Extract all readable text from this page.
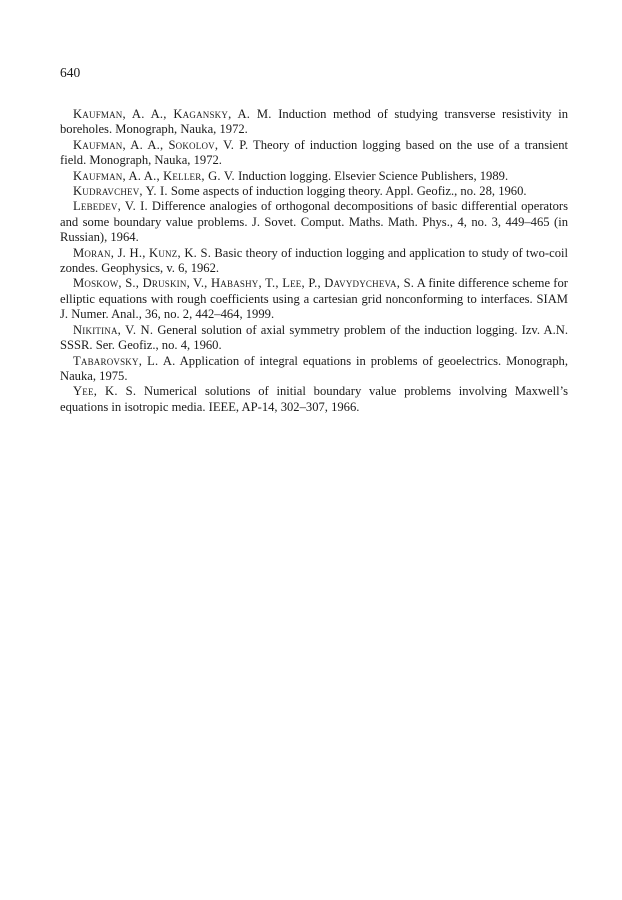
640

Kaufman, A. A., Kagansky, A. M. Induction method of studying transverse resistivity in boreholes. Monograph, Nauka, 1972.

Kaufman, A. A., Sokolov, V. P. Theory of induction logging based on the use of a transient field. Monograph, Nauka, 1972.

Kaufman, A. A., Keller, G. V. Induction logging. Elsevier Science Publishers, 1989.

Kudravchev, Y. I. Some aspects of induction logging theory. Appl. Geofiz., no. 28, 1960.

Lebedev, V. I. Difference analogies of orthogonal decompositions of basic differential operators and some boundary value problems. J. Sovet. Comput. Maths. Math. Phys., 4, no. 3, 449–465 (in Russian), 1964.

Moran, J. H., Kunz, K. S. Basic theory of induction logging and application to study of two-coil zondes. Geophysics, v. 6, 1962.

Moskow, S., Druskin, V., Habashy, T., Lee, P., Davydycheva, S. A finite difference scheme for elliptic equations with rough coefficients using a cartesian grid nonconforming to interfaces. SIAM J. Numer. Anal., 36, no. 2, 442–464, 1999.

Nikitina, V. N. General solution of axial symmetry problem of the induction logging. Izv. A.N. SSSR. Ser. Geofiz., no. 4, 1960.

Tabarovsky, L. A. Application of integral equations in problems of geoelectrics. Monograph, Nauka, 1975.

Yee, K. S. Numerical solutions of initial boundary value problems involving Maxwell’s equations in isotropic media. IEEE, AP-14, 302–307, 1966.
